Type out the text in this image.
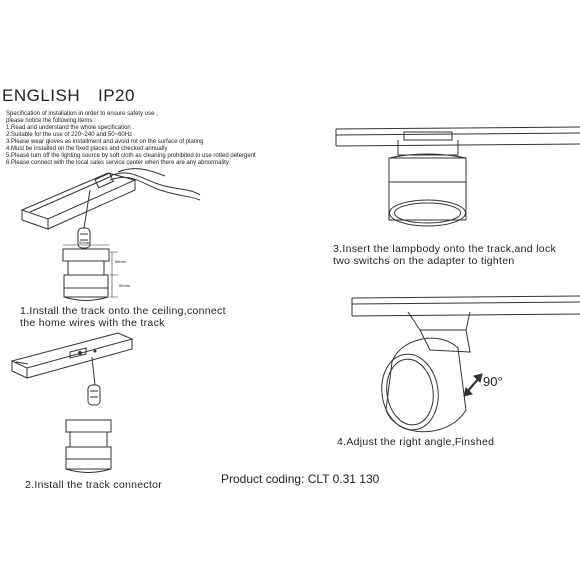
ENGLISH IP20
Specification of installation in order to ensure safety use ,
please notice the following items :
1.Read and understand the whole specification .
2.Suitable for the use of 220~240 and 50~60Hz
3.Please wear gloves as installment and avoid rot on the surface of plating
4.Must be installed on the fixed places and checked annually
5.Please turn off the lighting source by soft cloth as cleaning prohibited to use rotted detergent
6.Please connect with the local sales service center when there are any abnormality
50mm
88mm
55mm
1.Install the track onto the ceiling,connect
the home wires with the track
2.Install the track connector
3.Insert the lampbody onto the track,and lock
two switchs on the adapter to tighten
4.Adjust the right angle,Finshed
90°
Product coding: CLT 0.31 130
